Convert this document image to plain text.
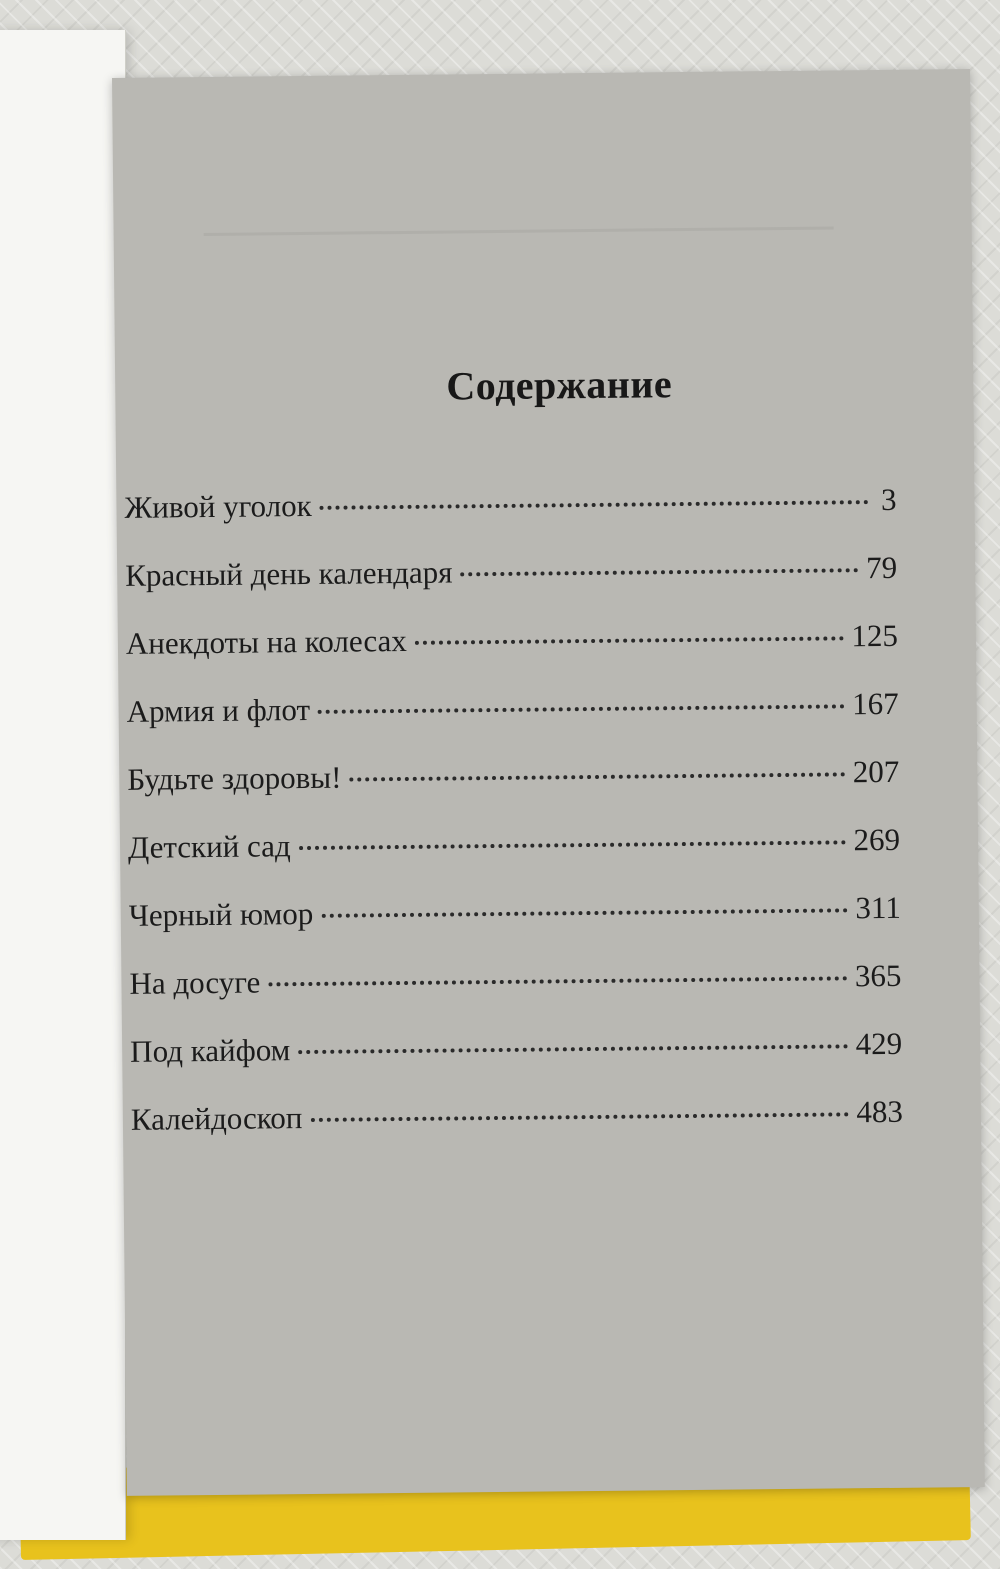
Содержание
Живой уголок	3
Красный день календаря	79
Анекдоты на колесах	125
Армия и флот	167
Будьте здоровы!	207
Детский сад	269
Черный юмор	311
На досуге	365
Под кайфом	429
Калейдоскоп	483
